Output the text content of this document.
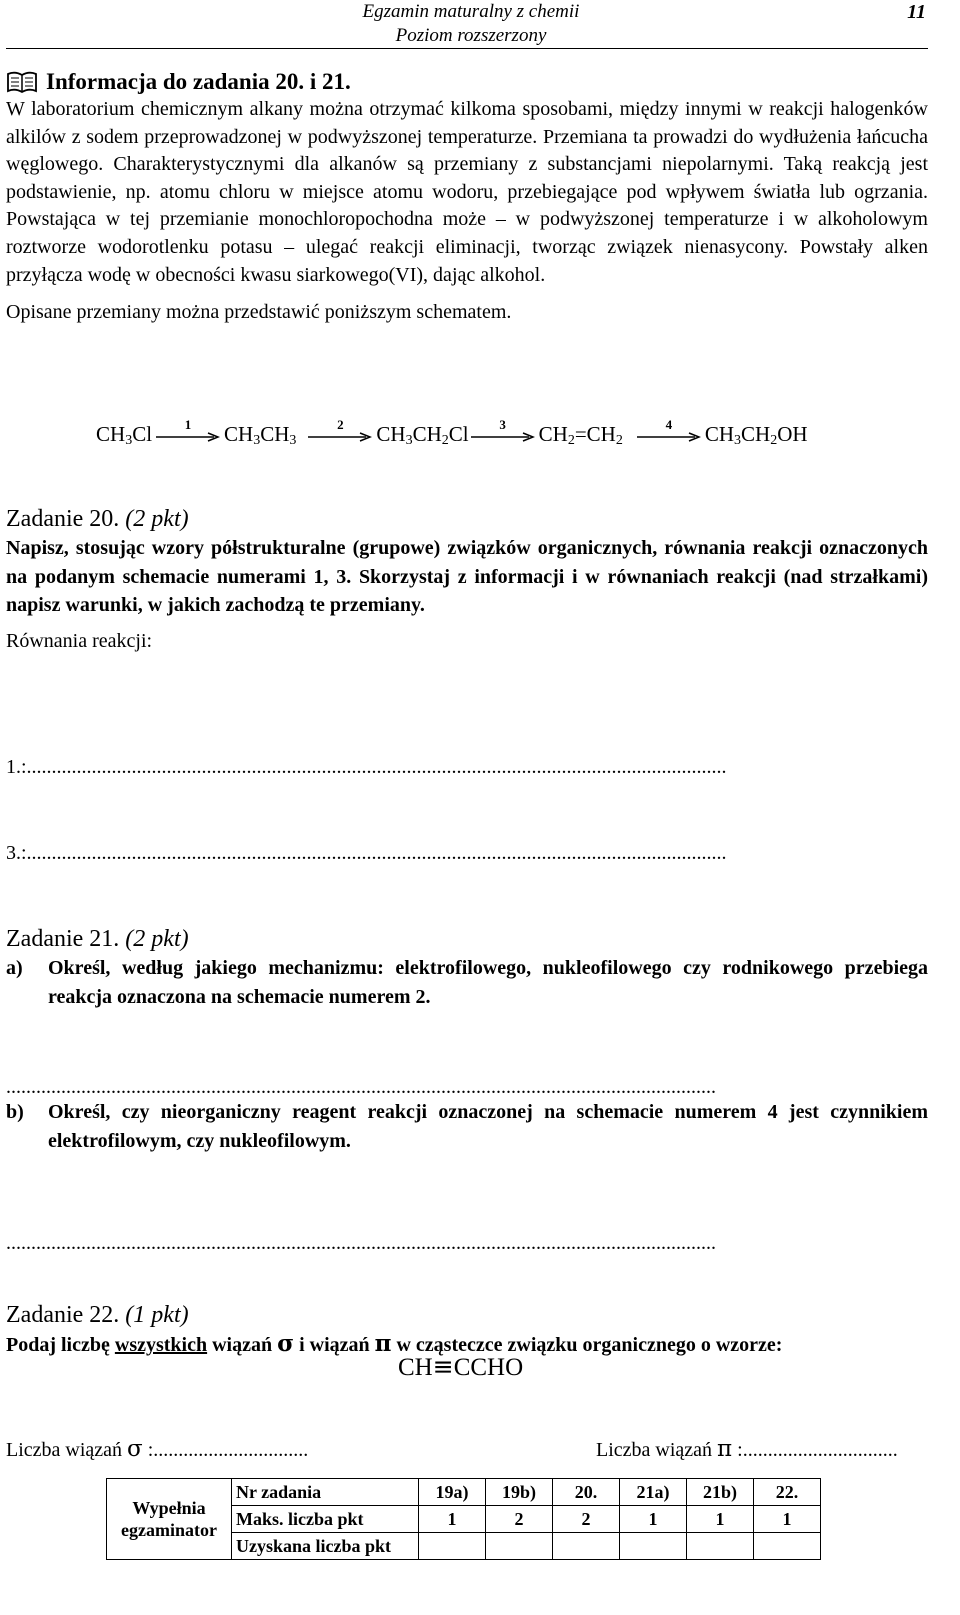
Egzamin maturalny z chemii
Poziom rozszerzony
11
Informacja do zadania 20. i 21.

W laboratorium chemicznym alkany można otrzymać kilkoma sposobami, między innymi w reakcji halogenków alkilów z sodem przeprowadzonej w podwyższonej temperaturze. Przemiana ta prowadzi do wydłużenia łańcucha węglowego. Charakterystycznymi dla alkanów są przemiany z substancjami niepolarnymi. Taką reakcją jest podstawienie, np. atomu chloru w miejsce atomu wodoru, przebiegające pod wpływem światła lub ogrzania. Powstająca w tej przemianie monochloropochodna może – w podwyższonej temperaturze i w alkoholowym roztworze wodorotlenku potasu – ulegać reakcji eliminacji, tworząc związek nienasycony. Powstały alken przyłącza wodę w obecności kwasu siarkowego(VI), dając alkohol.

Opisane przemiany można przedstawić poniższym schematem.

$CH_3Cl$	1 $CH_3CH_3$
2 $CH_3CH_2Cl$ 3 $CH_2=CH_2$
4 $CH_3CH_2OH$
Zadanie 20. (2 pkt)

Napisz, stosując wzory półstrukturalne (grupowe) związków organicznych, równania reakcji oznaczonych na podanym schemacie numerami 1, 3. Skorzystaj z informacji i w równaniach reakcji (nad strzałkami) napisz warunki, w jakich zachodzą te przemiany.

Równania reakcji:

1.:............................................................................................................................................
3.:............................................................................................................................................
Zadanie 21. (2 pkt)
a)	Określ, według jakiego mechanizmu: elektrofilowego, nukleofilowego czy rodnikowego przebiega reakcja oznaczona na schemacie numerem 2.
..............................................................................................................................................
b)	Określ, czy nieorganiczny reagent reakcji oznaczonej na schemacie numerem 4 jest czynnikiem elektrofilowym, czy nukleofilowym.
..............................................................................................................................................
Zadanie 22. (1 pkt)

Podaj liczbę wszystkich wiązań σ i wiązań π w cząsteczce związku organicznego o wzorze:

CH≡CCHO
Liczba wiązań σ :...............................	Liczba wiązań π :...............................
Wypełnia
egzaminator	Nr zadania	19a)	19b)	20.	21a)	21b)	22.
	Maks. liczba pkt	1	2	2	1	1	1
	Uzyskana liczba pkt						
